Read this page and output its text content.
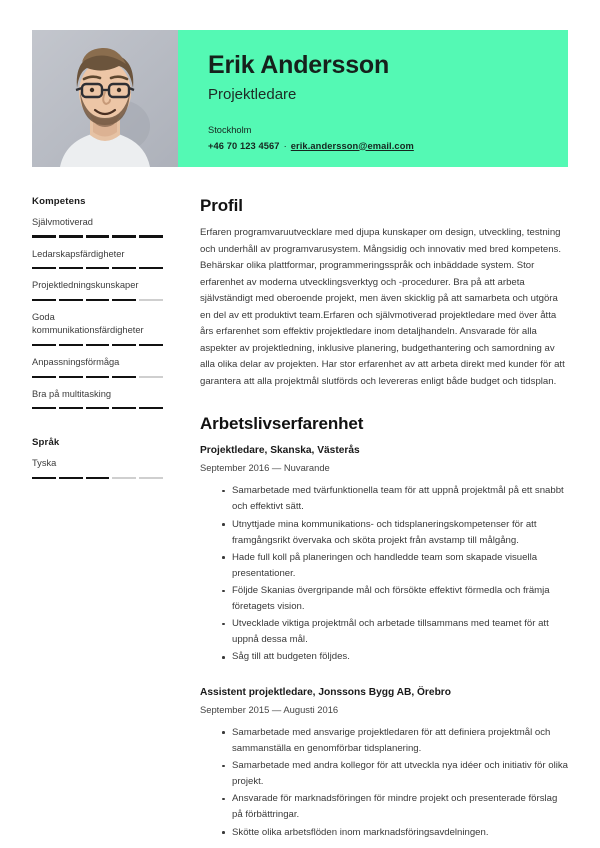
Erik Andersson
Projektledare
Stockholm
+46 70 123 4567 · erik.andersson@email.com
Kompetens
Självmotiverad
Ledarskapsfärdigheter
Projektledningskunskaper
Goda kommunikationsfärdigheter
Anpassningsförmåga
Bra på multitasking
Språk
Tyska
Profil

Erfaren programvaruutvecklare med djupa kunskaper om design, utveckling, testning och underhåll av programvarusystem. Mångsidig och innovativ med bred kompetens. Behärskar olika plattformar, programmeringsspråk och inbäddade system. Stor erfarenhet av moderna utvecklingsverktyg och -procedurer. Bra på att arbeta självständigt med oberoende projekt, men även skicklig på att samarbeta och utgöra en del av ett produktivt team.Erfaren och självmotiverad projektledare med över åtta års erfarenhet som effektiv projektledare inom detaljhandeln. Ansvarade för alla aspekter av projektledning, inklusive planering, budgethantering och samordning av alla olika delar av projekten. Har stor erfarenhet av att arbeta direkt med kunder för att garantera att alla projektmål slutförds och levereras enligt både budget och tidsplan.

Arbetslivserfarenhet
Projektledare, Skanska, Västerås
September 2016 — Nuvarande
Samarbetade med tvärfunktionella team för att uppnå projektmål på ett snabbt och effektivt sätt.
Utnyttjade mina kommunikations- och tidsplaneringskompetenser för att framgångsrikt övervaka och sköta projekt från avstamp till målgång.
Hade full koll på planeringen och handledde team som skapade visuella presentationer.
Följde Skanias övergripande mål och försökte effektivt förmedla och främja företagets vision.
Utvecklade viktiga projektmål och arbetade tillsammans med teamet för att uppnå dessa mål.
Såg till att budgeten följdes.
Assistent projektledare, Jonssons Bygg AB, Örebro
September 2015 — Augusti 2016
Samarbetade med ansvarige projektledaren för att definiera projektmål och sammanställa en genomförbar tidsplanering.
Samarbetade med andra kollegor för att utveckla nya idéer och initiativ för olika projekt.
Ansvarade för marknadsföringen för mindre projekt och presenterade förslag på förbättringar.
Skötte olika arbetsflöden inom marknadsföringsavdelningen.
